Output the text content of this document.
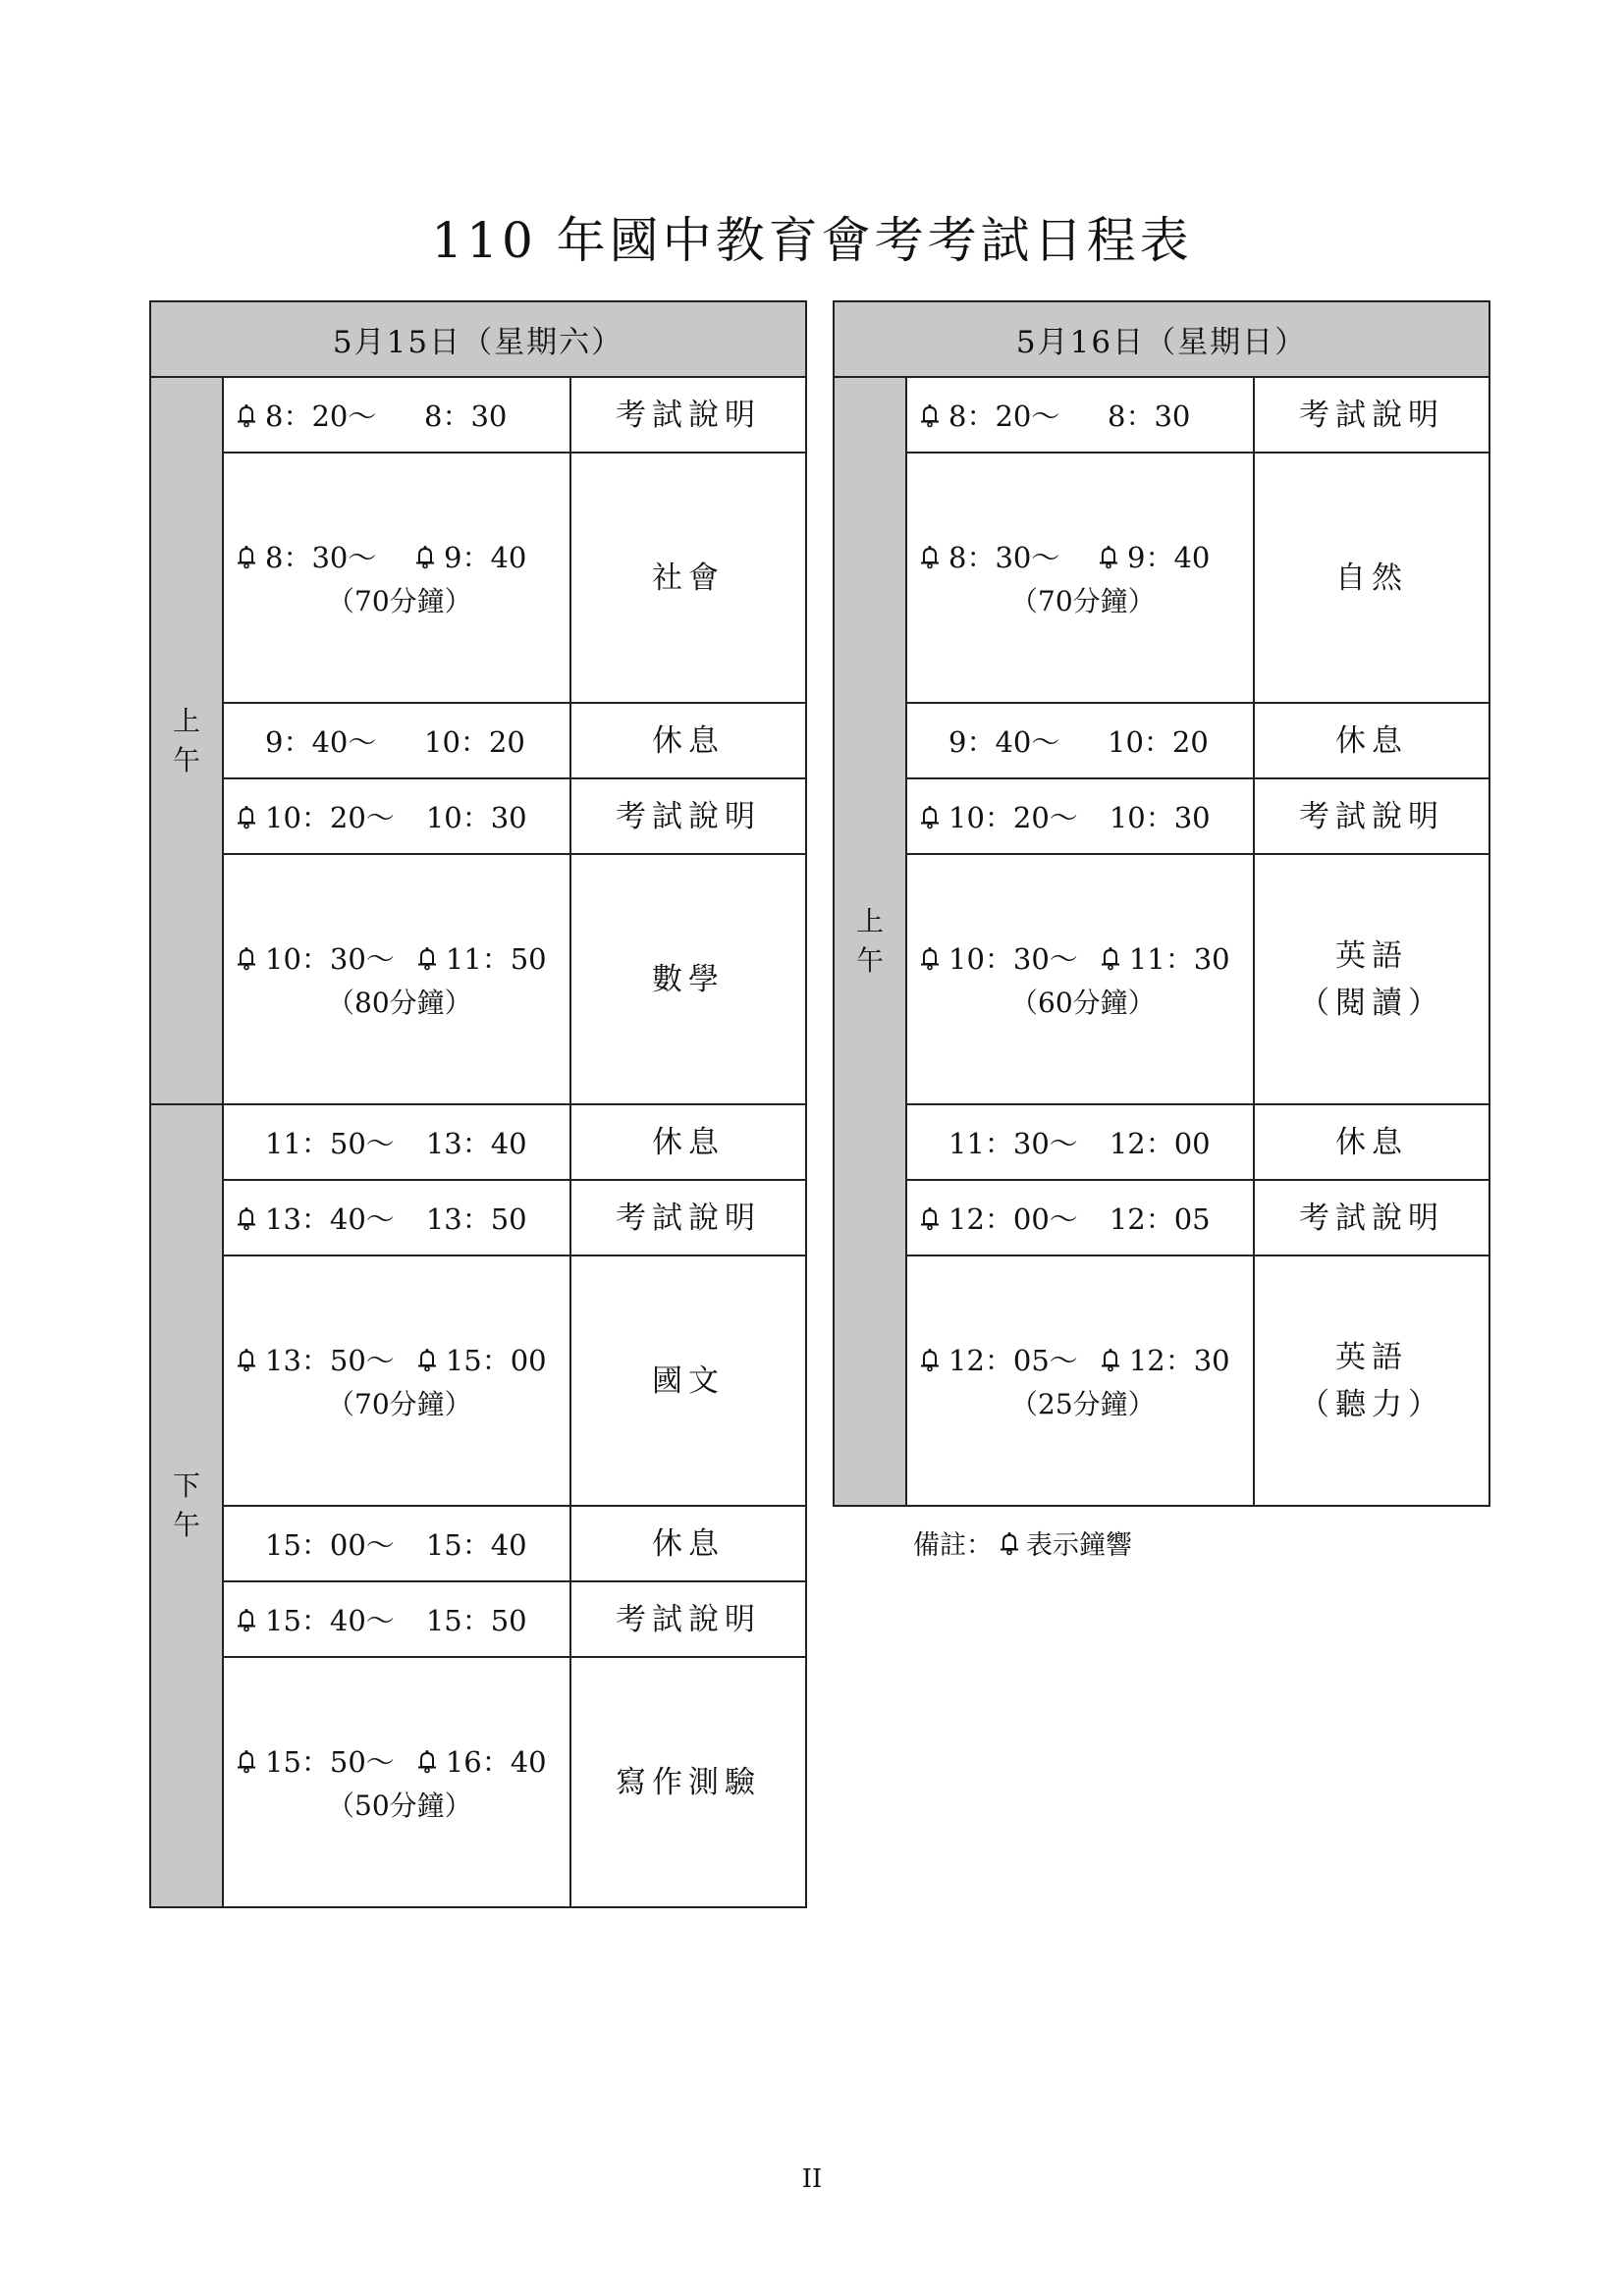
110 年國中教育會考考試日程表
5月15日（星期六）		
上午	8：20～ 8：30	考試說明

	8：30～ 9：40
（70分鐘）	社會

	9：40～ 10：20	休息

	10：20～ 10：30	考試說明

	10：30～ 11：50
（80分鐘）	數學
下午	11：50～ 13：40	休息

	13：40～ 13：50	考試說明

	13：50～ 15：00
（70分鐘）	國文

	15：00～ 15：40	休息

	15：40～ 15：50	考試說明

	15：50～ 16：40
（50分鐘）	寫作測驗
5月16日（星期日）		
上午	8：20～ 8：30	考試說明

	8：30～ 9：40
（70分鐘）	自然

	9：40～ 10：20	休息

	10：20～ 10：30	考試說明

	10：30～ 11：30
（60分鐘）	英語
（閱讀）

	11：30～ 12：00	休息

	12：00～ 12：05	考試說明

	12：05～ 12：30
（25分鐘）	英語
（聽力）
備註： 表示鐘響
II
